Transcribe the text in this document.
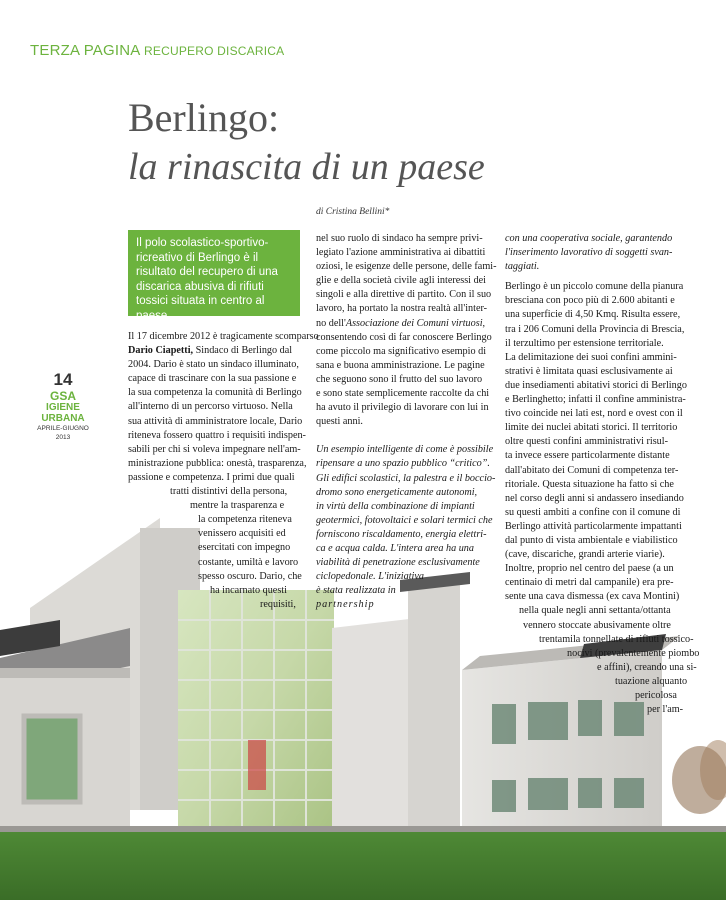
TERZA PAGINA RECUPERO DISCARICA
Berlingo:
la rinascita di un paese
di Cristina Bellini*
Il polo scolastico-sportivo-ricreativo di Berlingo è il risultato del recupero di una discarica abusiva di rifiuti tossici situata in centro al paese.
14
GSA
IGIENE URBANA
APRILE-GIUGNO 2013

Il 17 dicembre 2012 è tragicamente scomparso

Dario Ciapetti, Sindaco di Berlingo dal

2004. Dario è stato un sindaco illuminato,

capace di trascinare con la sua passione e

la sua competenza la comunità di Berlingo

all'interno di un percorso virtuoso. Nella

sua attività di amministratore locale, Dario

riteneva fossero quattro i requisiti indispen-

sabili per chi si voleva impegnare nell'am-

ministrazione pubblica: onestà, trasparenza,

passione e competenza. I primi due quali

tratti distintivi della persona,

mentre la trasparenza e

la competenza riteneva

venissero acquisiti ed

esercitati con impegno

costante, umiltà e lavoro

spesso oscuro. Dario, che

ha incarnato questi

requisiti,

nel suo ruolo di sindaco ha sempre privi-

legiato l'azione amministrativa ai dibattiti

oziosi, le esigenze delle persone, delle fami-

glie e della società civile agli interessi dei

singoli e alla direttive di partito. Con il suo

lavoro, ha portato la nostra realtà all'inter-

no dell'Associazione dei Comuni virtuosi,

consentendo così di far conoscere Berlingo

come piccolo ma significativo esempio di

sana e buona amministrazione. Le pagine

che seguono sono il frutto del suo lavoro

e sono state semplicemente raccolte da chi

ha avuto il privilegio di lavorare con lui in

questi anni.

Un esempio intelligente di come è possibile

ripensare a uno spazio pubblico “critico”.

Gli edifici scolastici, la palestra e il boccio-

dromo sono energeticamente autonomi,

in virtù della combinazione di impianti

geotermici, fotovoltaici e solari termici che

forniscono riscaldamento, energia elettri-

ca e acqua calda. L'intera area ha una

viabilità di penetrazione esclusivamente

ciclopedonale. L'iniziativa

è stata realizzata in

partnership

con una cooperativa sociale, garantendo

l'inserimento lavorativo di soggetti svan-

taggiati.

Berlingo è un piccolo comune della pianura

bresciana con poco più di 2.600 abitanti e

una superficie di 4,50 Kmq. Risulta essere,

tra i 206 Comuni della Provincia di Brescia,

il terzultimo per estensione territoriale.

La delimitazione dei suoi confini ammini-

strativi è limitata quasi esclusivamente ai

due insediamenti abitativi storici di Berlingo

e Berlinghetto; infatti il confine amministra-

tivo coincide nei lati est, nord e ovest con il

limite dei nuclei abitati storici. Il territorio

oltre questi confini amministrativi risul-

ta invece essere particolarmente distante

dall'abitato dei Comuni di competenza ter-

ritoriale. Questa situazione ha fatto sì che

nel corso degli anni si andassero insediando

su questi ambiti a confine con il comune di

Berlingo attività particolarmente impattanti

dal punto di vista ambientale e viabilistico

(cave, discariche, grandi arterie viarie).

Inoltre, proprio nel centro del paese (a un

centinaio di metri dal campanile) era pre-

sente una cava dismessa (ex cava Montini)

nella quale negli anni settanta/ottanta

vennero stoccate abusivamente oltre

trentamila tonnellate di rifiuti tossico-

nocivi (prevalentemente piombo

e affini), creando una si-

tuazione alquanto

pericolosa

per l'am-
